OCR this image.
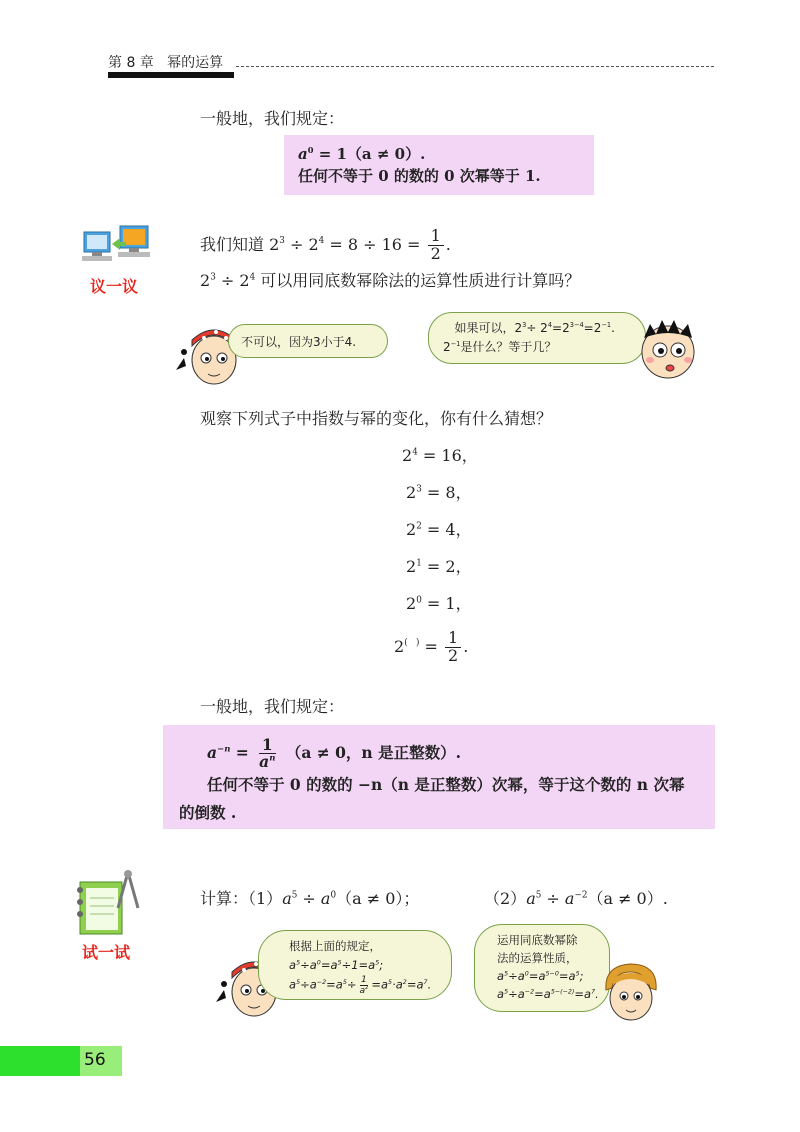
第 8 章 幂的运算
一般地，我们规定：
$a^0 = 1(a \ne 0)$.
任何不等于 0 的数的 0 次幂等于 1.
议一议
我们知道 $2^3 \div 2^4 = 8 \div 16 = \frac{1}{2}$ .
$2^3 \div 2^4$ 可以用同底数幂除法的运算性质进行计算吗？
不可以，因为3小于4.
如果可以，$2^3\div 2^4=2^{3-4}=2^{-1}$.
$2^{-1}$是什么？等于几？
观察下列式子中指数与幂的变化，你有什么猜想？
$2^4 = 16$，
$2^3 = 8$，
$2^2 = 4$，
$2^1 = 2$，
$2^0 = 1$，
$2^{( )} = \frac{1}{2}$ .
一般地，我们规定：
$a^{-n} = \frac{1}{a^n} (a \ne 0$，n 是正整数）.
任何不等于 0 的数的 −n（n 是正整数）次幂，等于这个数的 n 次幂的倒数 .
试一试
计算：$(1)a^5 \div a^0(a \ne 0)$；	$(2)a^5 \div a^{-2}(a \ne 0)$.
根据上面的规定，
$a^5\div a^0=a^5\div 1=a^5$;
$a^5\div a^{-2}=a^5\div \frac{1}{a^2} =a^5\cdot a^2=a^7$.
运用同底数幂除
法的运算性质，
$a^5\div a^0=a^{5-0}=a^5$;
$a^5\div a^{-2}=a^{5-(-2)}=a^7$.
56
